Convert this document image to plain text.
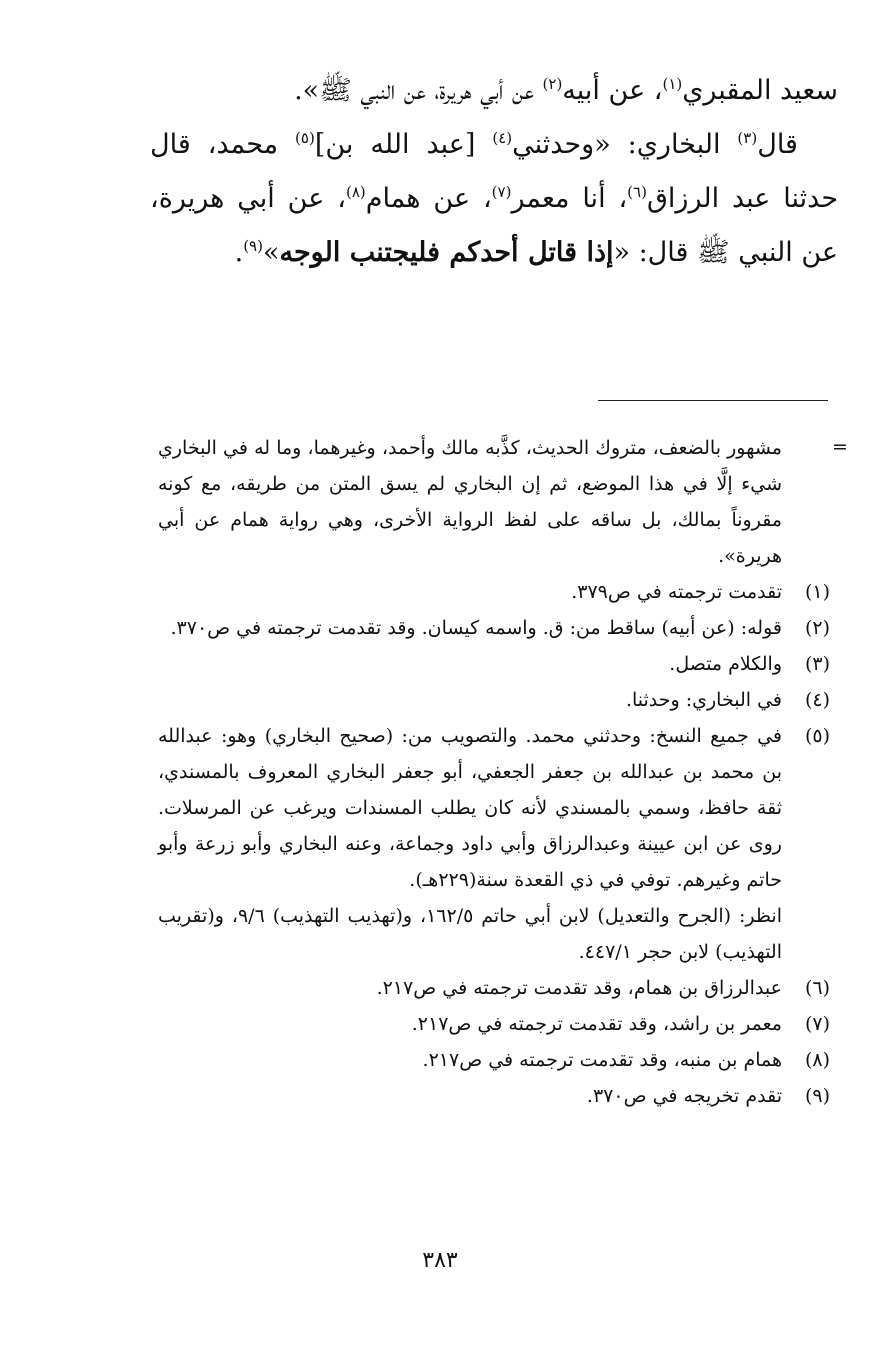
سعيد المقبري$^{(١)}$، عن أبيه$^{(٢)}$ عن أبي هريرة، عن النبي ﷺ».

قال$^{(٣)}$ البخاري: «وحدثني$^{(٤)}$ [عبد الله بن]$^{(٥)}$ محمد، قال حدثنا عبد الرزاق$^{(٦)}$، أنا معمر$^{(٧)}$، عن همام$^{(٨)}$، عن أبي هريرة، عن النبي ﷺ قال: «إذا قاتل أحدكم فليجتنب الوجه»$^{(٩)}$.

=

مشهور بالضعف، متروك الحديث، كذَّبه مالك وأحمد، وغيرهما، وما له في البخاري شيء إلَّا في هذا الموضع، ثم إن البخاري لم يسق المتن من طريقه، مع كونه مقروناً بمالك، بل ساقه على لفظ الرواية الأخرى، وهي رواية همام عن أبي هريرة».

(١)
تقدمت ترجمته في ص٣٧٩.
(٢)
قوله: (عن أبيه) ساقط من: ق. واسمه كيسان. وقد تقدمت ترجمته في ص٣٧٠.
(٣)
والكلام متصل.
(٤)
في البخاري: وحدثنا.
(٥)
في جميع النسخ: وحدثني محمد. والتصويب من: (صحيح البخاري) وهو: عبدالله بن محمد بن عبدالله بن جعفر الجعفي، أبو جعفر البخاري المعروف بالمسندي، ثقة حافظ، وسمي بالمسندي لأنه كان يطلب المسندات ويرغب عن المرسلات. روى عن ابن عيينة وعبدالرزاق وأبي داود وجماعة، وعنه البخاري وأبو زرعة وأبو حاتم وغيرهم. توفي في ذي القعدة سنة(٢٢٩هـ).
انظر: (الجرح والتعديل) لابن أبي حاتم ١٦٢/٥، و(تهذيب التهذيب) ٩/٦، و(تقريب التهذيب) لابن حجر ٤٤٧/١.
(٦)
عبدالرزاق بن همام، وقد تقدمت ترجمته في ص٢١٧.
(٧)
معمر بن راشد، وقد تقدمت ترجمته في ص٢١٧.
(٨)
همام بن منبه، وقد تقدمت ترجمته في ص٢١٧.
(٩)
تقدم تخريجه في ص٣٧٠.
٣٨٣
